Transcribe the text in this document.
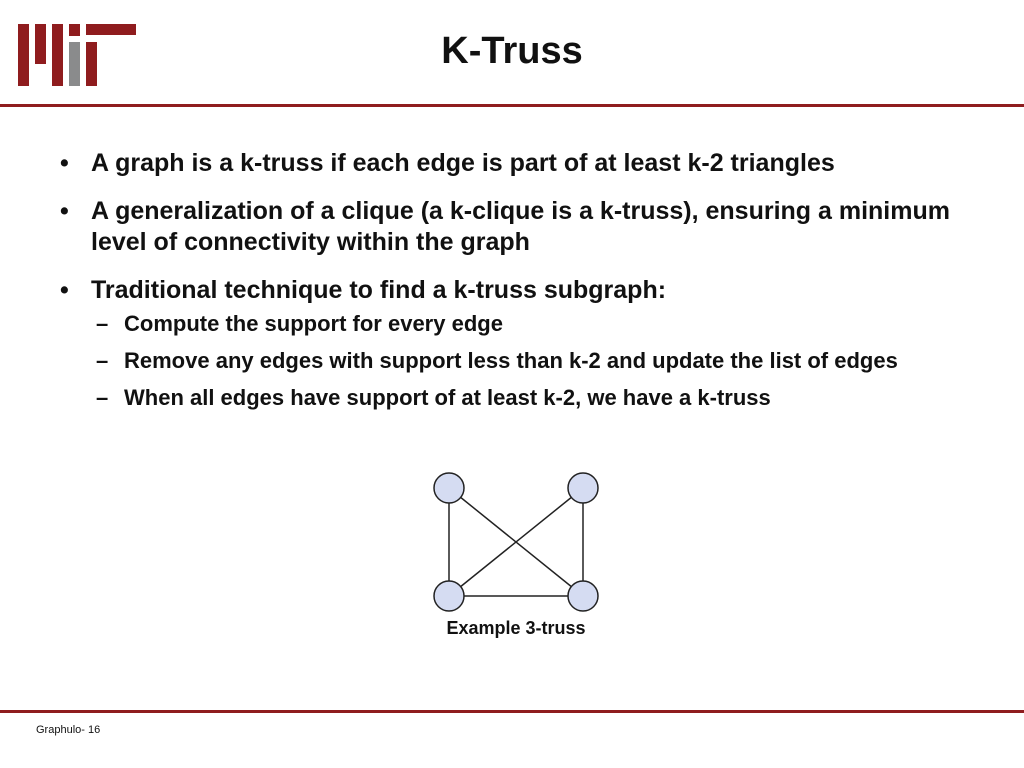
K-Truss
• A graph is a k-truss if each edge is part of at least k-2 triangles
• A generalization of a clique (a k-clique is a k-truss), ensuring a minimum level of connectivity within the graph
• Traditional technique to find a k-truss subgraph:
– Compute the support for every edge
– Remove any edges with support less than k-2 and update the list of edges
– When all edges have support of at least k-2, we have a k-truss
Example 3-truss
Graphulo- 16
